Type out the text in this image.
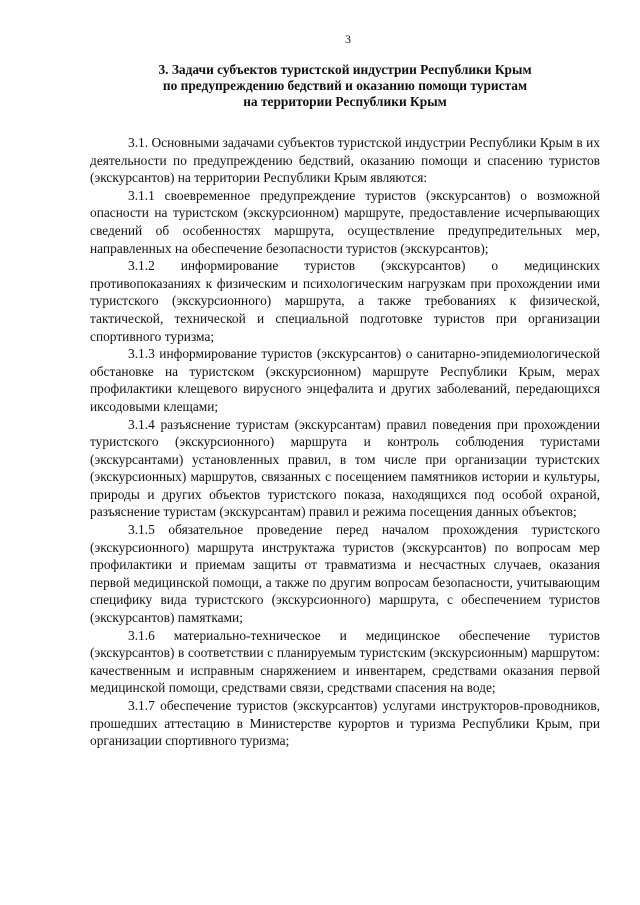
3
3. Задачи субъектов туристской индустрии Республики Крым
по предупреждению бедствий и оказанию помощи туристам
на территории Республики Крым

3.1. Основными задачами субъектов туристской индустрии Республики Крым в их деятельности по предупреждению бедствий, оказанию помощи и спасению туристов (экскурсантов) на территории Республики Крым являются:

3.1.1 своевременное предупреждение туристов (экскурсантов) о возможной опасности на туристском (экскурсионном) маршруте, предоставление исчерпывающих сведений об особенностях маршрута, осуществление предупредительных мер, направленных на обеспечение безопасности туристов (экскурсантов);

3.1.2 информирование туристов (экскурсантов) о медицинских противопоказаниях к физическим и психологическим нагрузкам при прохождении ими туристского (экскурсионного) маршрута, а также требованиях к физической, тактической, технической и специальной подготовке туристов при организации спортивного туризма;

3.1.3 информирование туристов (экскурсантов) о санитарно-эпидемиологической обстановке на туристском (экскурсионном) маршруте Республики Крым, мерах профилактики клещевого вирусного энцефалита и других заболеваний, передающихся иксодовыми клещами;

3.1.4 разъяснение туристам (экскурсантам) правил поведения при прохождении туристского (экскурсионного) маршрута и контроль соблюдения туристами (экскурсантами) установленных правил, в том числе при организации туристских (экскурсионных) маршрутов, связанных с посещением памятников истории и культуры, природы и других объектов туристского показа, находящихся под особой охраной, разъяснение туристам (экскурсантам) правил и режима посещения данных объектов;

3.1.5 обязательное проведение перед началом прохождения туристского (экскурсионного) маршрута инструктажа туристов (экскурсантов) по вопросам мер профилактики и приемам защиты от травматизма и несчастных случаев, оказания первой медицинской помощи, а также по другим вопросам безопасности, учитывающим специфику вида туристского (экскурсионного) маршрута, с обеспечением туристов (экскурсантов) памятками;

3.1.6 материально-техническое и медицинское обеспечение туристов (экскурсантов) в соответствии с планируемым туристским (экскурсионным) маршрутом: качественным и исправным снаряжением и инвентарем, средствами оказания первой медицинской помощи, средствами связи, средствами спасения на воде;

3.1.7 обеспечение туристов (экскурсантов) услугами инструкторов-проводников, прошедших аттестацию в Министерстве курортов и туризма Республики Крым, при организации спортивного туризма;
